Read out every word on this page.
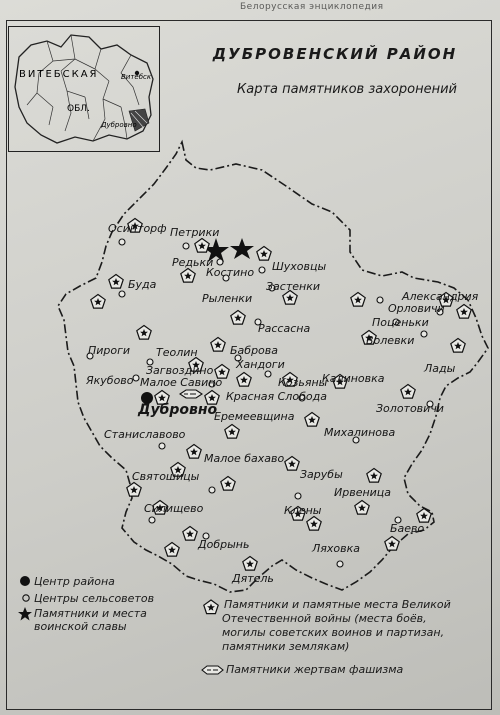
Белорусская энциклопедия
ВИТЕБСКАЯ
ОБЛ.
Витебск
Дубровно
ДУБРОВЕНСКИЙ РАЙОН
Карта памятников захоронений
Осинторф Петрики
Редьки
Костино Шуховцы
Застенки
Буда
Рыленки
Рассасна
Александрия
Орловичи
Поценьки
Волевки
Лады
Пироги Теолин	Баброва
Загвоздино Хандоги
Якубово Малое Савино	Козьяны
Калиновка
Красная Слобода
Дубровно	Золотовичи
Еремеевщина
Михалинова
Станиславово
Малое бахаво
Зарубы
Святошицы
Ирвеница
Силищево	Клены
Баево
Добрынь	Ляховка
Дятель
Центр района
Центры сельсоветов
Памятники и места
воинской славы
Памятники и памятные места Великой
Отечественной войны (места боёв,
могилы советских воинов и партизан,
памятники землякам)
Памятники жертвам фашизма
